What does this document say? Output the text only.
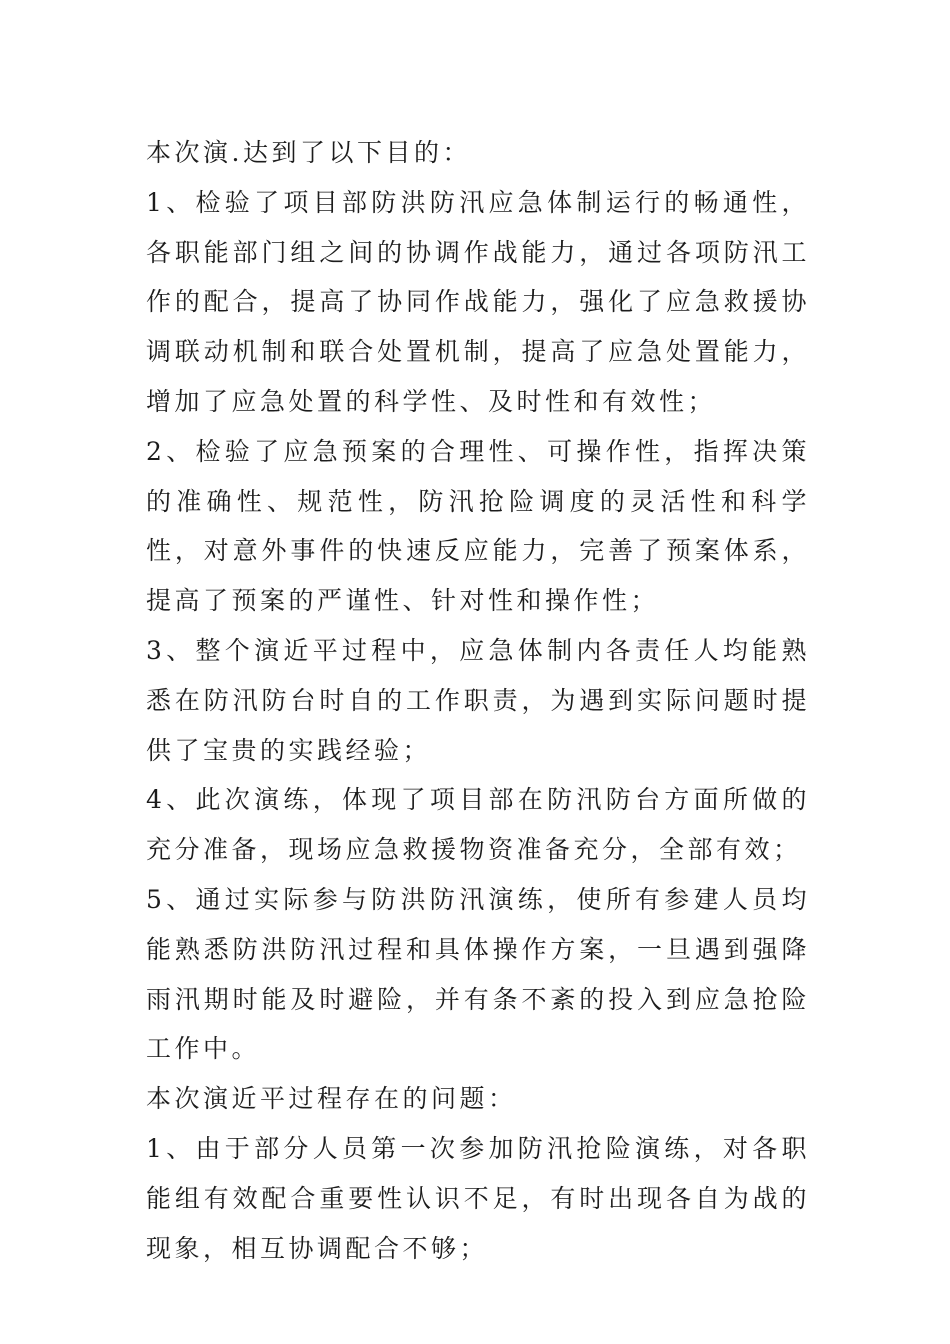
本次演.达到了以下目的：

1、检验了项目部防洪防汛应急体制运行的畅通性，各职能部门组之间的协调作战能力，通过各项防汛工作的配合，提高了协同作战能力，强化了应急救援协调联动机制和联合处置机制，提高了应急处置能力，增加了应急处置的科学性、及时性和有效性；

2、检验了应急预案的合理性、可操作性，指挥决策的准确性、规范性，防汛抢险调度的灵活性和科学性，对意外事件的快速反应能力，完善了预案体系，提高了预案的严谨性、针对性和操作性；

3、整个演近平过程中，应急体制内各责任人均能熟悉在防汛防台时自的工作职责，为遇到实际问题时提供了宝贵的实践经验；

4、此次演练，体现了项目部在防汛防台方面所做的充分准备，现场应急救援物资准备充分，全部有效；

5、通过实际参与防洪防汛演练，使所有参建人员均能熟悉防洪防汛过程和具体操作方案，一旦遇到强降雨汛期时能及时避险，并有条不紊的投入到应急抢险工作中。

本次演近平过程存在的问题：

1、由于部分人员第一次参加防汛抢险演练，对各职能组有效配合重要性认识不足，有时出现各自为战的现象，相互协调配合不够；
